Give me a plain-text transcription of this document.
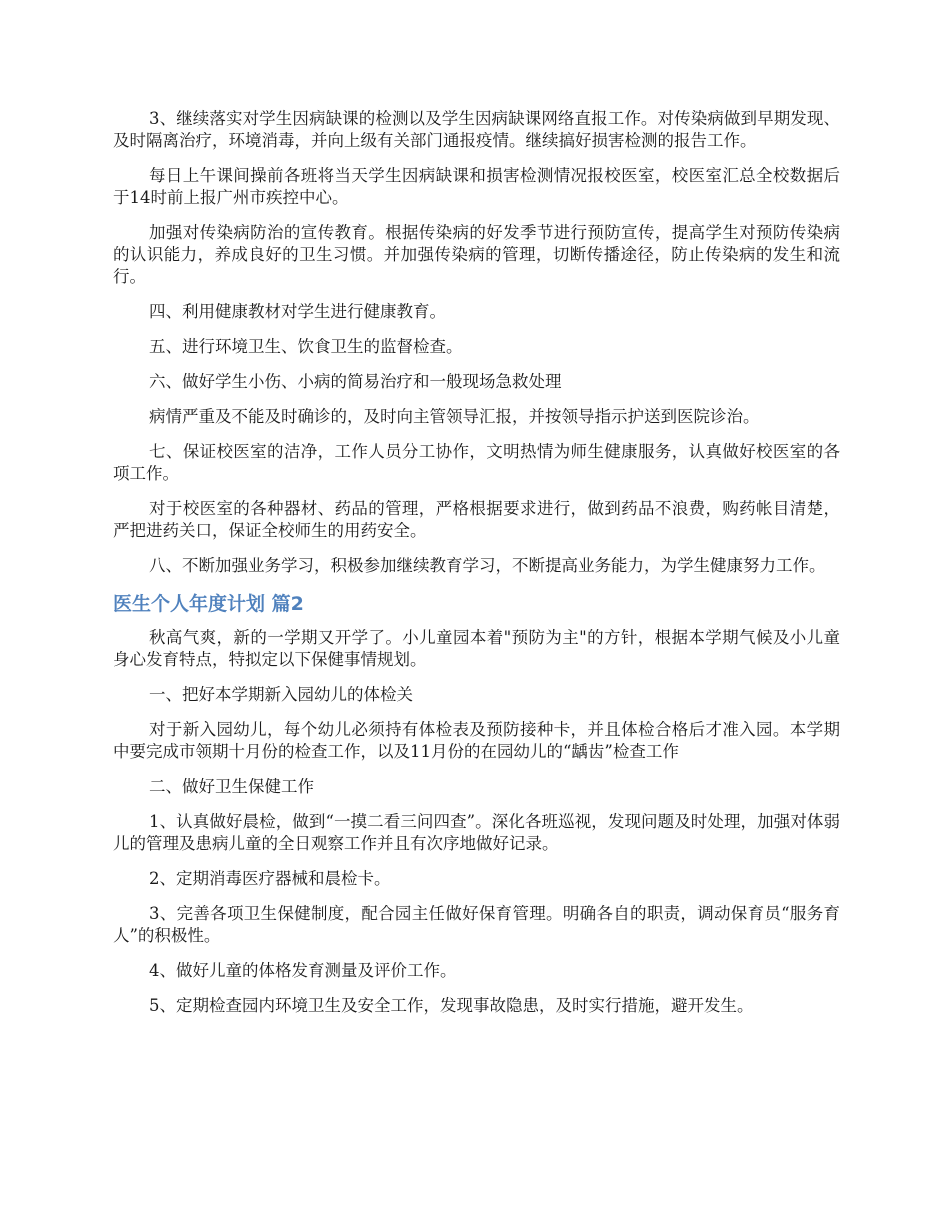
3、继续落实对学生因病缺课的检测以及学生因病缺课网络直报工作。对传染病做到早期发现、及时隔离治疗，环境消毒，并向上级有关部门通报疫情。继续搞好损害检测的报告工作。

每日上午课间操前各班将当天学生因病缺课和损害检测情况报校医室，校医室汇总全校数据后于14时前上报广州市疾控中心。

加强对传染病防治的宣传教育。根据传染病的好发季节进行预防宣传，提高学生对预防传染病的认识能力，养成良好的卫生习惯。并加强传染病的管理，切断传播途径，防止传染病的发生和流行。

四、利用健康教材对学生进行健康教育。

五、进行环境卫生、饮食卫生的监督检查。

六、做好学生小伤、小病的简易治疗和一般现场急救处理

病情严重及不能及时确诊的，及时向主管领导汇报，并按领导指示护送到医院诊治。

七、保证校医室的洁净，工作人员分工协作，文明热情为师生健康服务，认真做好校医室的各项工作。

对于校医室的各种器材、药品的管理，严格根据要求进行，做到药品不浪费，购药帐目清楚，严把进药关口，保证全校师生的用药安全。

八、不断加强业务学习，积极参加继续教育学习，不断提高业务能力，为学生健康努力工作。

医生个人年度计划 篇2

秋高气爽，新的一学期又开学了。小儿童园本着"预防为主"的方针，根据本学期气候及小儿童身心发育特点，特拟定以下保健事情规划。

一、把好本学期新入园幼儿的体检关

对于新入园幼儿，每个幼儿必须持有体检表及预防接种卡，并且体检合格后才准入园。本学期中要完成市领期十月份的检查工作，以及11月份的在园幼儿的“龋齿”检查工作

二、做好卫生保健工作

1、认真做好晨检，做到“一摸二看三问四查”。深化各班巡视，发现问题及时处理，加强对体弱儿的管理及患病儿童的全日观察工作并且有次序地做好记录。

2、定期消毒医疗器械和晨检卡。

3、完善各项卫生保健制度，配合园主任做好保育管理。明确各自的职责，调动保育员“服务育人”的积极性。

4、做好儿童的体格发育测量及评价工作。

5、定期检查园内环境卫生及安全工作，发现事故隐患，及时实行措施，避开发生。
